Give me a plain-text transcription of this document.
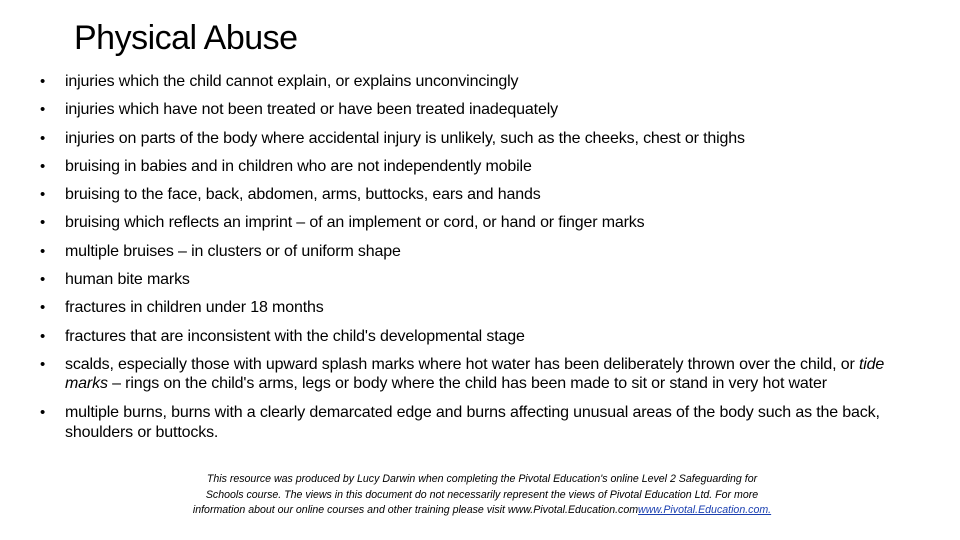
Physical Abuse
•	injuries which the child cannot explain, or explains unconvincingly
•	injuries which have not been treated or have been treated inadequately
•	injuries on parts of the body where accidental injury is unlikely, such as the cheeks, chest or thighs
•	bruising in babies and in children who are not independently mobile
•	bruising to the face, back, abdomen, arms, buttocks, ears and hands
•	bruising which reflects an imprint – of an implement or cord, or hand or finger marks
•	multiple bruises – in clusters or of uniform shape
•	human bite marks
•	fractures in children under 18 months
•	fractures that are inconsistent with the child's developmental stage
•	scalds, especially those with upward splash marks where hot water has been deliberately thrown over the child, or tide marks – rings on the child's arms, legs or body where the child has been made to sit or stand in very hot water
•	multiple burns, burns with a clearly demarcated edge and burns affecting unusual areas of the body such as the back, shoulders or buttocks.
This resource was produced by Lucy Darwin when completing the Pivotal Education's online Level 2 Safeguarding for Schools course. The views in this document do not necessarily represent the views of Pivotal Education Ltd. For more information about our online courses and other training please visit www.Pivotal.Education.comwww.Pivotal.Education.com.
